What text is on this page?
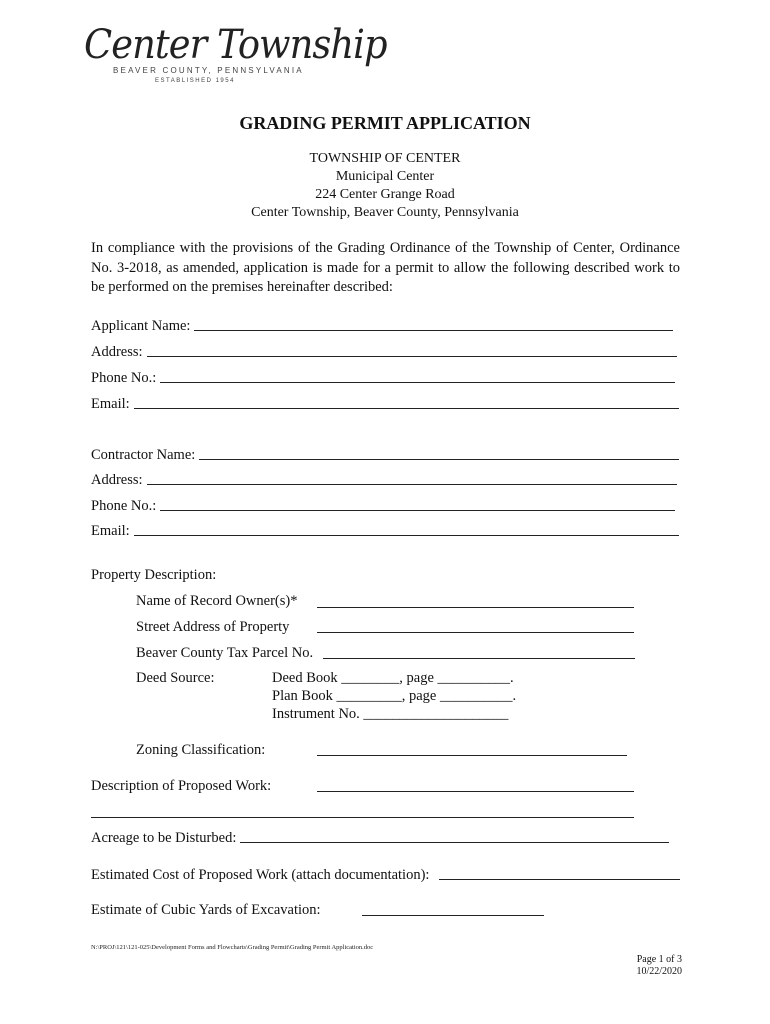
Center Township
BEAVER COUNTY, PENNSYLVANIA
ESTABLISHED 1954
GRADING PERMIT APPLICATION
TOWNSHIP OF CENTER
Municipal Center
224 Center Grange Road
Center Township, Beaver County, Pennsylvania
In compliance with the provisions of the Grading Ordinance of the Township of Center, Ordinance No. 3-2018, as amended, application is made for a permit to allow the following described work to be performed on the premises hereinafter described:
Applicant Name:
Address:
Phone No.:
Email:
Contractor Name:
Address:
Phone No.:
Email:
Property Description:
Name of Record Owner(s)*
Street Address of Property
Beaver County Tax Parcel No.
Deed Source:	Deed Book ________, page __________.
Plan Book _________, page __________.
Instrument No. ____________________
Zoning Classification:
Description of Proposed Work:
Acreage to be Disturbed:
Estimated Cost of Proposed Work (attach documentation):
Estimate of Cubic Yards of Excavation:
N:\PROJ\121\121-025\Development Forms and Flowcharts\Grading Permit\Grading Permit Application.doc
Page 1 of 3
10/22/2020
